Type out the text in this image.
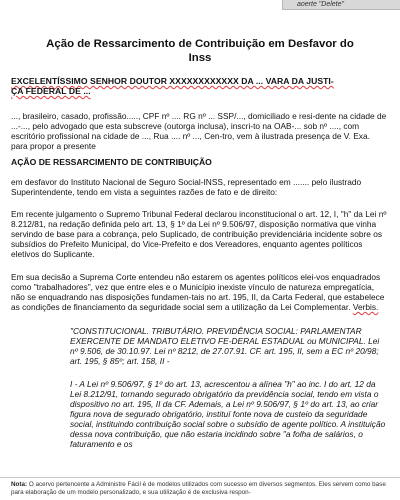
aoerte "Delete"
Ação de Ressarcimento de Contribuição em Desfavor do
Inss
EXCELENTÍSSIMO SENHOR DOUTOR XXXXXXXXXXXX DA ... VARA DA JUSTI-
ÇA FEDERAL DE ...

..., brasileiro, casado, profissão....., CPF nº .... RG nº ... SSP/..., domiciliado e resi-dente na cidade de ...-..., pelo advogado que esta subscreve (outorga inclusa), inscri-to na OAB-... sob nº ...., com escritório profissional na cidade de ..., Rua .... nº ..., Cen-tro, vem à ilustrada presença de V. Exa. para propor a presente

AÇÃO DE RESSARCIMENTO DE CONTRIBUIÇÃO

em desfavor do Instituto Nacional de Seguro Social-INSS, representado em ....... pelo ilustrado Superintendente, tendo em vista a seguintes razões de fato e de direito:

Em recente julgamento o Supremo Tribunal Federal declarou inconstitucional o art. 12, I, "h" da Lei nº 8.212/81, na redação definida pelo art. 13, § 1º da Lei nº 9.506/97, disposição normativa que vinha servindo de base para a cobrança, pelo Suplicado, de contribuição previdenciária incidente sobre os subsídios do Prefeito Municipal, do Vice-Prefeito e dos Vereadores, enquanto agentes políticos eletivos do Suplicante.

Em sua decisão a Suprema Corte entendeu não estarem os agentes políticos elei-vos enquadrados como "trabalhadores", vez que entre eles e o Município inexiste vínculo de natureza empregatícia, não se enquadrando nas disposições fundamen-tais no art. 195, II, da Carta Federal, que estabelece as condições de financiamento da seguridade social sem a utilização da Lei Complementar. Verbis.

"CONSTITUCIONAL. TRIBUTÁRIO. PREVIDÊNCIA SOCIAL: PARLAMENTAR EXERCENTE DE MANDATO ELETIVO FE-DERAL ESTADUAL ou MUNICIPAL. Lei nº 9.506, de 30.10.97. Lei nº 8212, de 27.07.91. CF. art. 195, II, sem a EC nº 20/98; art. 195, § 85º; art. 158, II -
I - A Lei nº 9.506/97, § 1º do art. 13, acrescentou a alínea "h" ao inc. I do art. 12 da Lei 8.212/91, tornando segurado obrigatório da previdência social, tendo em vista o dispositivo no art. 195, II da CF. Ademais, a Lei nº 9.506/97, § 1º do art. 13, ao criar figura nova de segurado obrigatório, instituí fonte nova de custeio da seguridade social, instituindo contribuição social sobre o subsídio de agente político. A instituição dessa nova contribuição, que não estaria incidindo sobre "a folha de salários, o faturamento e os
Nota: O acervo pertencente a Administre Fácil é de modelos utilizados com sucesso em diversos segmentos. Eles servem como base para elaboração de um modelo personalizado, e sua utilização é de exclusiva respon-
